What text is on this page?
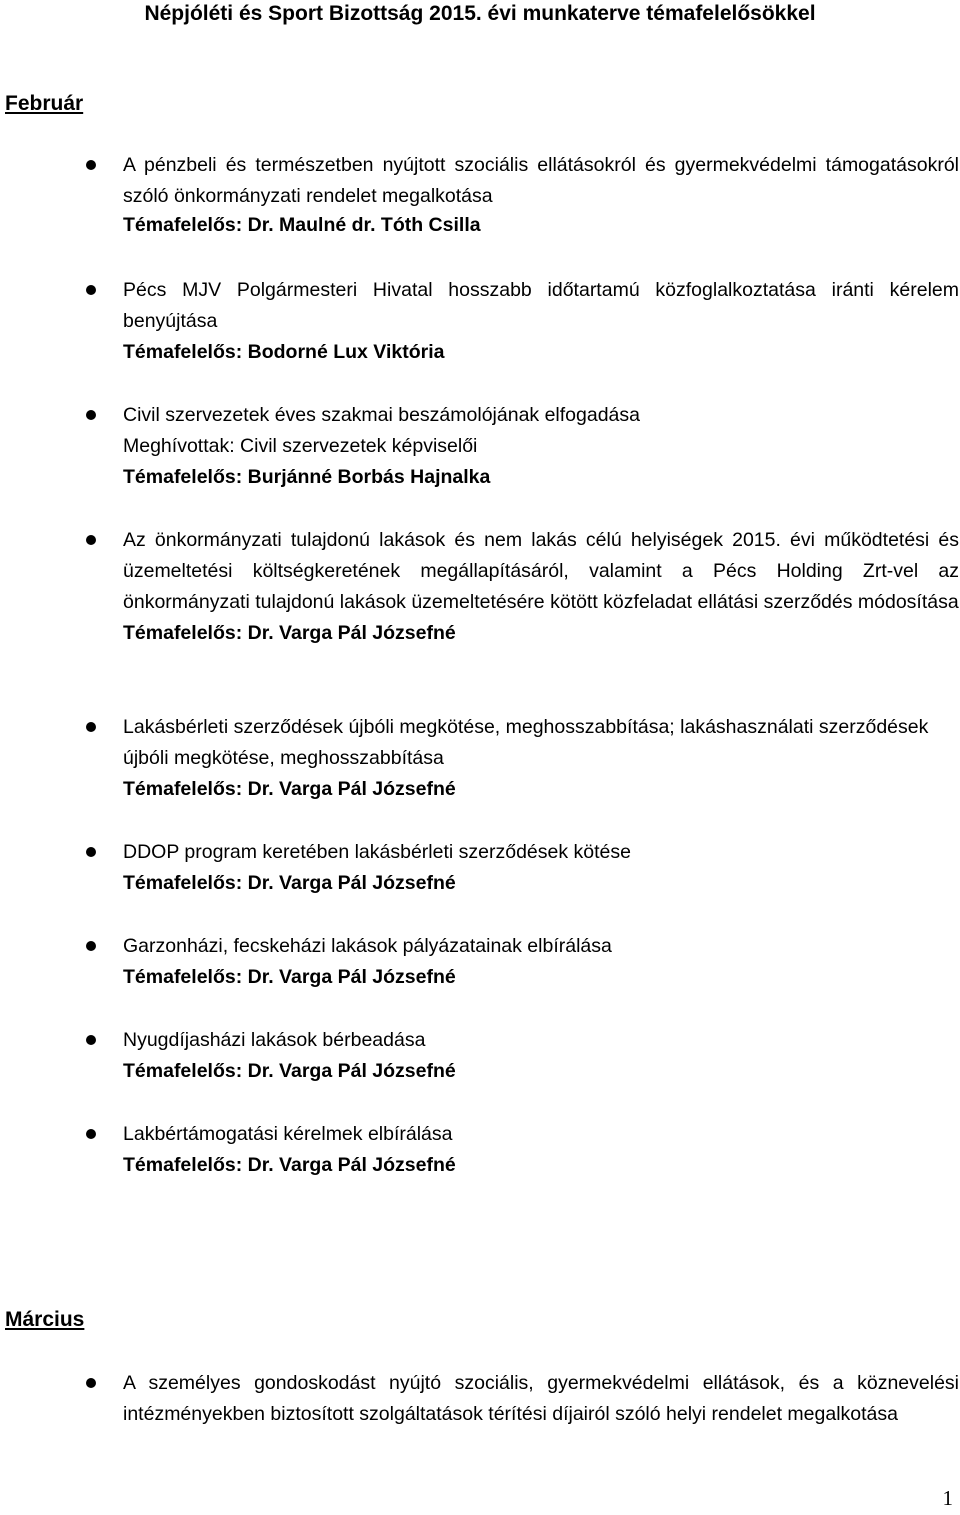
Népjóléti és Sport Bizottság 2015. évi munkaterve témafelelősökkel
Február
A pénzbeli és természetben nyújtott szociális ellátásokról és gyermekvédelmi támogatásokról szóló önkormányzati rendelet megalkotása
Témafelelős: Dr. Maulné dr. Tóth Csilla
Pécs MJV Polgármesteri Hivatal hosszabb időtartamú közfoglalkoztatása iránti kérelem benyújtása
Témafelelős: Bodorné Lux Viktória
Civil szervezetek éves szakmai beszámolójának elfogadása
Meghívottak: Civil szervezetek képviselői
Témafelelős: Burjánné Borbás Hajnalka
Az önkormányzati tulajdonú lakások és nem lakás célú helyiségek 2015. évi működtetési és üzemeltetési költségkeretének megállapításáról, valamint a Pécs Holding Zrt-vel az önkormányzati tulajdonú lakások üzemeltetésére kötött közfeladat ellátási szerződés módosítása
Témafelelős: Dr. Varga Pál Józsefné
Lakásbérleti szerződések újbóli megkötése, meghosszabbítása; lakáshasználati szerződések újbóli megkötése, meghosszabbítása
Témafelelős: Dr. Varga Pál Józsefné
DDOP program keretében lakásbérleti szerződések kötése
Témafelelős: Dr. Varga Pál Józsefné
Garzonházi, fecskeházi lakások pályázatainak elbírálása
Témafelelős: Dr. Varga Pál Józsefné
Nyugdíjasházi lakások bérbeadása
Témafelelős: Dr. Varga Pál Józsefné
Lakbértámogatási kérelmek elbírálása
Témafelelős: Dr. Varga Pál Józsefné
Március
A személyes gondoskodást nyújtó szociális, gyermekvédelmi ellátások, és a köznevelési intézményekben biztosított szolgáltatások térítési díjairól szóló helyi rendelet megalkotása
1
